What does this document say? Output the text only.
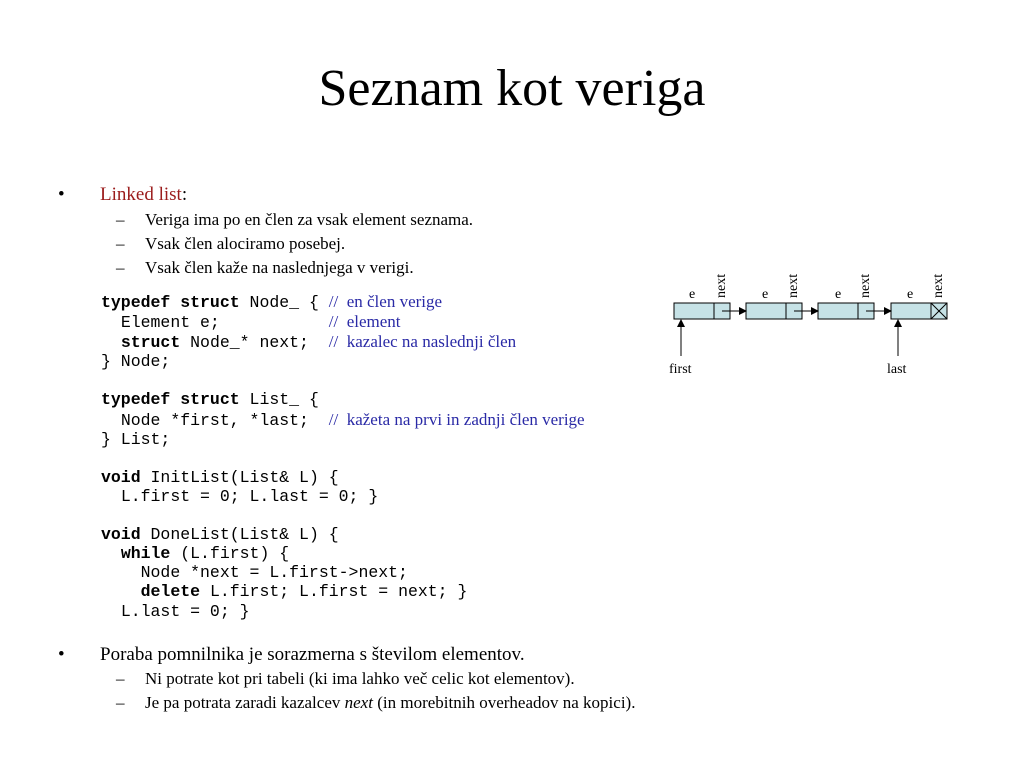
Seznam kot veriga
• Linked list:
– Veriga ima po en člen za vsak element seznama.
– Vsak člen alociramo posebej.
– Vsak člen kaže na naslednjega v verigi.
typedef struct Node_ { // en člen verige
Element e;	// element
struct Node_* next; // kazalec na naslednji člen
} Node;

typedef struct List_ {
Node *first, *last; // kažeta na prvi in zadnji člen verige
} List;

void InitList(List& L) {
L.first = 0; L.last = 0; }

void DoneList(List& L) {
while (L.first) {
Node *next = L.first->next;
delete L.first; L.first = next; }
L.last = 0; }
e next e next e next e next
first	last
• Poraba pomnilnika je sorazmerna s številom elementov.
– Ni potrate kot pri tabeli (ki ima lahko več celic kot elementov).
– Je pa potrata zaradi kazalcev next (in morebitnih overheadov na kopici).
